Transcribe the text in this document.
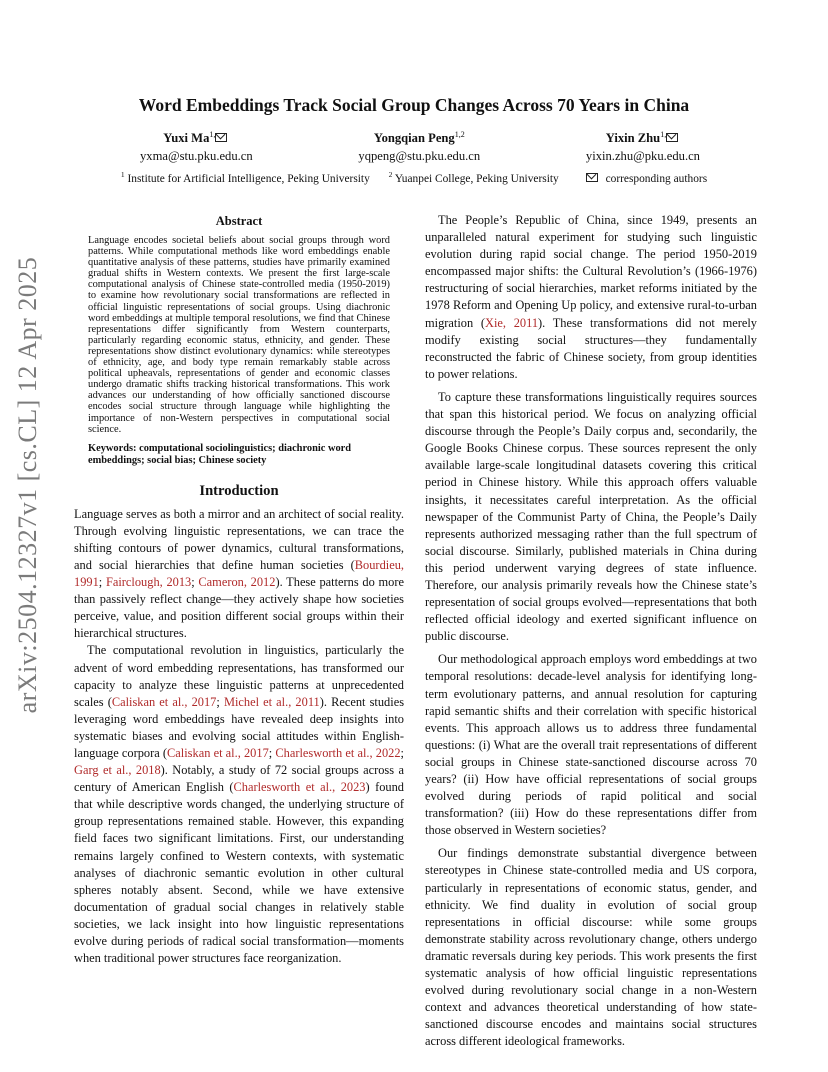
arXiv:2504.12327v1 [cs.CL] 12 Apr 2025
Word Embeddings Track Social Group Changes Across 70 Years in China
Yuxi $Ma^{1,}$
yxma@stu.pku.edu.cn
Yongqian Peng$^{1,2}$
yqpeng@stu.pku.edu.cn
Yixin Zhu$^{1,}$
yixin.zhu@pku.edu.cn
$^1$ Institute for Artificial Intelligence, Peking University	$^2$ Yuanpei College, Peking University	corresponding authors
Abstract
Language encodes societal beliefs about social groups through word patterns. While computational methods like word embeddings enable quantitative analysis of these patterns, studies have primarily examined gradual shifts in Western contexts. We present the first large-scale computational analysis of Chinese state-controlled media (1950-2019) to examine how revolutionary social transformations are reflected in official linguistic representations of social groups. Using diachronic word embeddings at multiple temporal resolutions, we find that Chinese representations differ significantly from Western counterparts, particularly regarding economic status, ethnicity, and gender. These representations show distinct evolutionary dynamics: while stereotypes of ethnicity, age, and body type remain remarkably stable across political upheavals, representations of gender and economic classes undergo dramatic shifts tracking historical transformations. This work advances our understanding of how officially sanctioned discourse encodes social structure through language while highlighting the importance of non-Western perspectives in computational social science.
Keywords: computational sociolinguistics; diachronic word embeddings; social bias; Chinese society
Introduction

Language serves as both a mirror and an architect of social reality. Through evolving linguistic representations, we can trace the shifting contours of power dynamics, cultural transformations, and social hierarchies that define human societies (Bourdieu, 1991; Fairclough, 2013; Cameron, 2012). These patterns do more than passively reflect change—they actively shape how societies perceive, value, and position different social groups within their hierarchical structures.

The computational revolution in linguistics, particularly the advent of word embedding representations, has transformed our capacity to analyze these linguistic patterns at unprecedented scales (Caliskan et al., 2017; Michel et al., 2011). Recent studies leveraging word embeddings have revealed deep insights into systematic biases and evolving social attitudes within English-language corpora (Caliskan et al., 2017; Charlesworth et al., 2022; Garg et al., 2018). Notably, a study of 72 social groups across a century of American English (Charlesworth et al., 2023) found that while descriptive words changed, the underlying structure of group representations remained stable. However, this expanding field faces two significant limitations. First, our understanding remains largely confined to Western contexts, with systematic analyses of diachronic semantic evolution in other cultural spheres notably absent. Second, while we have extensive documentation of gradual social changes in relatively stable societies, we lack insight into how linguistic representations evolve during periods of radical social transformation—moments when traditional power structures face reorganization.

The People’s Republic of China, since 1949, presents an unparalleled natural experiment for studying such linguistic evolution during rapid social change. The period 1950-2019 encompassed major shifts: the Cultural Revolution’s (1966-1976) restructuring of social hierarchies, market reforms initiated by the 1978 Reform and Opening Up policy, and extensive rural-to-urban migration (Xie, 2011). These transformations did not merely modify existing social structures—they fundamentally reconstructed the fabric of Chinese society, from group identities to power relations.

To capture these transformations linguistically requires sources that span this historical period. We focus on analyzing official discourse through the People’s Daily corpus and, secondarily, the Google Books Chinese corpus. These sources represent the only available large-scale longitudinal datasets covering this critical period in Chinese history. While this approach offers valuable insights, it necessitates careful interpretation. As the official newspaper of the Communist Party of China, the People’s Daily represents authorized messaging rather than the full spectrum of social discourse. Similarly, published materials in China during this period underwent varying degrees of state influence. Therefore, our analysis primarily reveals how the Chinese state’s representation of social groups evolved—representations that both reflected official ideology and exerted significant influence on public discourse.

Our methodological approach employs word embeddings at two temporal resolutions: decade-level analysis for identifying long-term evolutionary patterns, and annual resolution for capturing rapid semantic shifts and their correlation with specific historical events. This approach allows us to address three fundamental questions: (i) What are the overall trait representations of different social groups in Chinese state-sanctioned discourse across 70 years? (ii) How have official representations of social groups evolved during periods of rapid political and social transformation? (iii) How do these representations differ from those observed in Western societies?

Our findings demonstrate substantial divergence between stereotypes in Chinese state-controlled media and US corpora, particularly in representations of economic status, gender, and ethnicity. We find duality in evolution of social group representations in official discourse: while some groups demonstrate stability across revolutionary change, others undergo dramatic reversals during key periods. This work presents the first systematic analysis of how official linguistic representations evolved during revolutionary social change in a non-Western context and advances theoretical understanding of how state-sanctioned discourse encodes and maintains social structures across different ideological frameworks.
